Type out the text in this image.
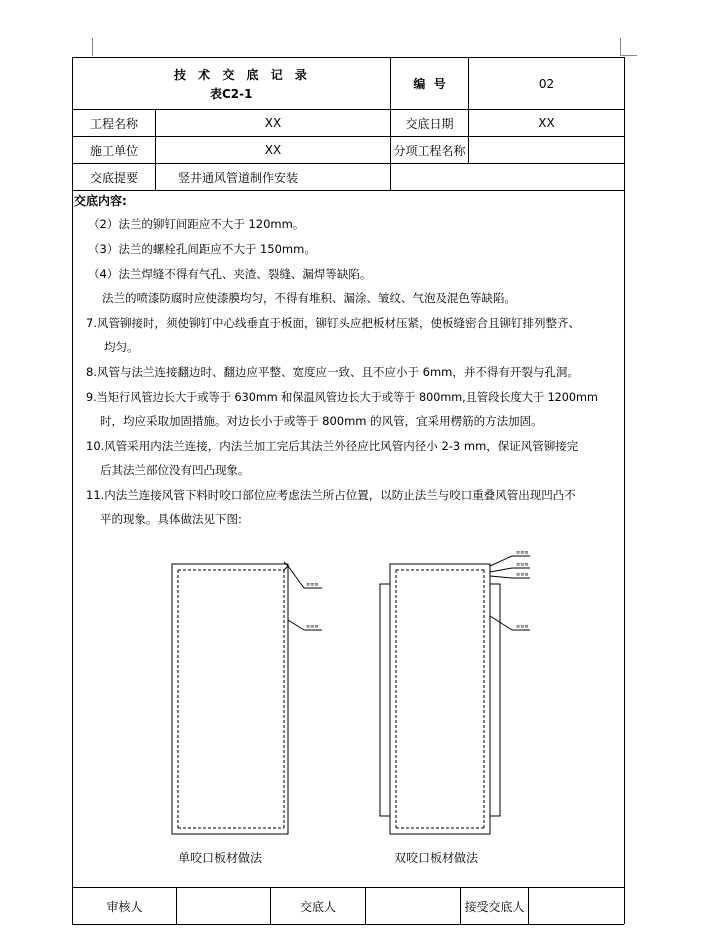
技 术 交 底 记 录
表C2-1
编  号	02
工程名称	XX	交底日期	XX
施工单位	XX	分项工程名称
交底提要	竖井通风管道制作安装
交底内容:
（2）法兰的铆钉间距应不大于 120mm。
（3）法兰的螺栓孔间距应不大于 150mm。
（4）法兰焊缝不得有气孔、夹渣、裂缝、漏焊等缺陷。
法兰的喷漆防腐时应使漆膜均匀，不得有堆积、漏涂、皱纹、气泡及混色等缺陷。
7.风管铆接时，须使铆钉中心线垂直于板面，铆钉头应把板材压紧，使板缝密合且铆钉排列整齐、
均匀。
8.风管与法兰连接翻边时、翻边应平整、宽度应一致、且不应小于 6mm，并不得有开裂与孔洞。
9.当矩行风管边长大于或等于 630mm 和保温风管边长大于或等于 800mm,且管段长度大于 1200mm
时，均应采取加固措施。对边长小于或等于 800mm 的风管，宜采用楞筋的方法加固。
10.风管采用内法兰连接，内法兰加工完后其法兰外径应比风管内径小 2-3 mm，保证风管铆接完
后其法兰部位没有凹凸现象。
11.内法兰连接风管下料时咬口部位应考虑法兰所占位置，以防止法兰与咬口重叠风管出现凹凸不
平的现象。具体做法见下图:
≡≡≡
≡≡≡
≡≡≡
≡≡≡
≡≡≡
≡≡≡
单咬口板材做法	双咬口板材做法
审核人	交底人	接受交底人
